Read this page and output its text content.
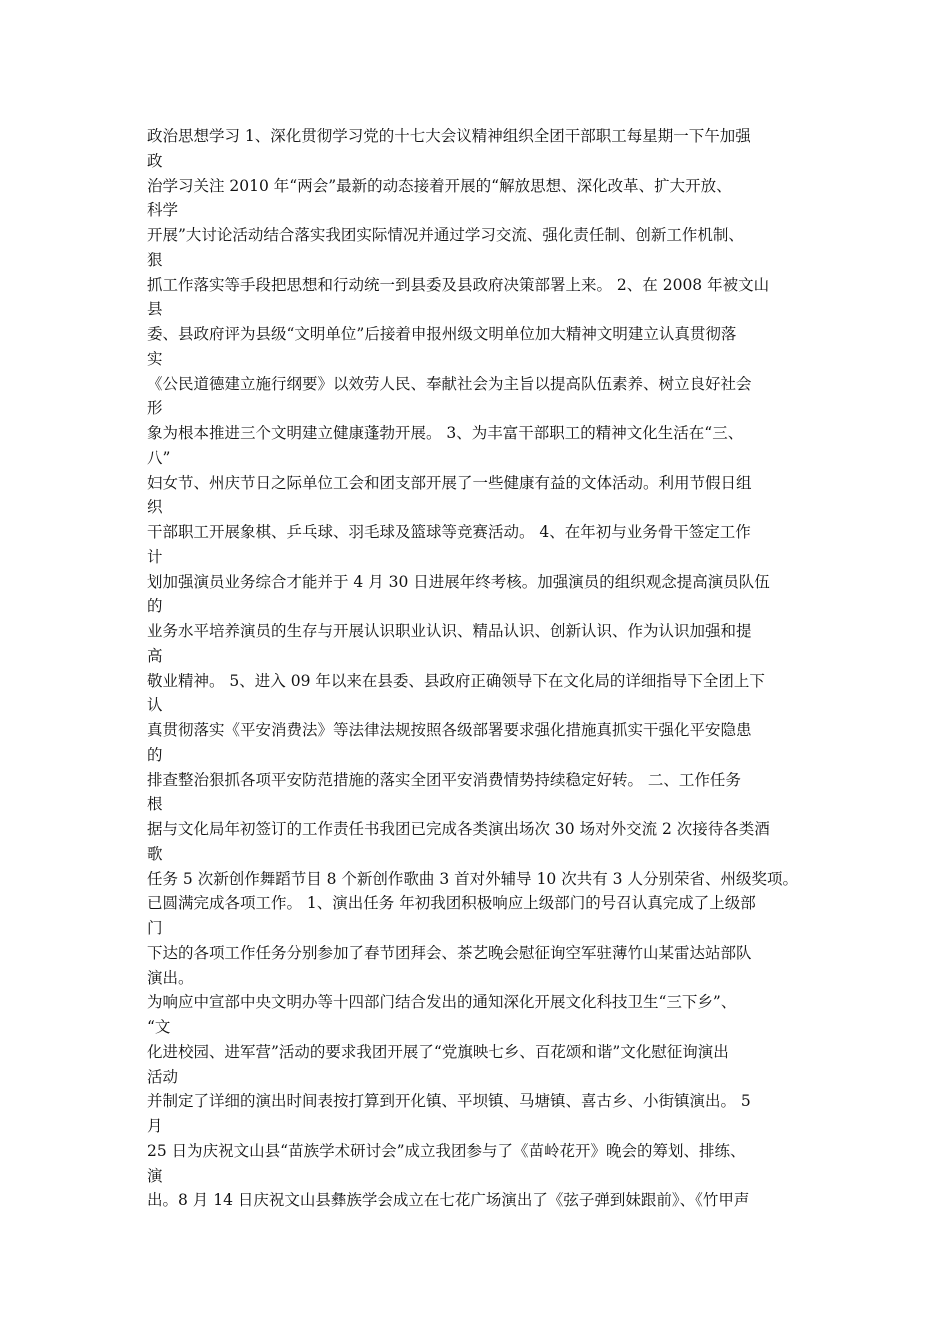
政治思想学习 1、深化贯彻学习党的十七大会议精神组织全团干部职工每星期一下午加强

政

治学习关注 2010 年“两会”最新的动态接着开展的“解放思想、深化改革、扩大开放、

科学

开展”大讨论活动结合落实我团实际情况并通过学习交流、强化责任制、创新工作机制、

狠

抓工作落实等手段把思想和行动统一到县委及县政府决策部署上来。 2、在 2008 年被文山

县

委、县政府评为县级“文明单位”后接着申报州级文明单位加大精神文明建立认真贯彻落

实

《公民道德建立施行纲要》以效劳人民、奉献社会为主旨以提高队伍素养、树立良好社会

形

象为根本推进三个文明建立健康蓬勃开展。 3、为丰富干部职工的精神文化生活在“三、

八”

妇女节、州庆节日之际单位工会和团支部开展了一些健康有益的文体活动。利用节假日组

织

干部职工开展象棋、乒乓球、羽毛球及篮球等竞赛活动。 4、在年初与业务骨干签定工作

计

划加强演员业务综合才能并于 4 月 30 日进展年终考核。加强演员的组织观念提高演员队伍

的

业务水平培养演员的生存与开展认识职业认识、精品认识、创新认识、作为认识加强和提

高

敬业精神。 5、进入 09 年以来在县委、县政府正确领导下在文化局的详细指导下全团上下

认

真贯彻落实《平安消费法》等法律法规按照各级部署要求强化措施真抓实干强化平安隐患

的

排查整治狠抓各项平安防范措施的落实全团平安消费情势持续稳定好转。 二、工作任务

根

据与文化局年初签订的工作责任书我团已完成各类演出场次 30 场对外交流 2 次接待各类酒

歌

任务 5 次新创作舞蹈节目 8 个新创作歌曲 3 首对外辅导 10 次共有 3 人分别荣省、州级奖项。

已圆满完成各项工作。 1、演出任务 年初我团积极响应上级部门的号召认真完成了上级部

门

下达的各项工作任务分别参加了春节团拜会、茶艺晚会慰征询空军驻薄竹山某雷达站部队

演出。

为响应中宣部中央文明办等十四部门结合发出的通知深化开展文化科技卫生“三下乡”、

“文

化进校园、进军营”活动的要求我团开展了“党旗映七乡、百花颂和谐”文化慰征询演出

活动

并制定了详细的演出时间表按打算到开化镇、平坝镇、马塘镇、喜古乡、小街镇演出。 5

月

25 日为庆祝文山县“苗族学术研讨会”成立我团参与了《苗岭花开》晚会的筹划、排练、

演

出。8 月 14 日庆祝文山县彝族学会成立在七花广场演出了《弦子弹到妹跟前》、《竹甲声
